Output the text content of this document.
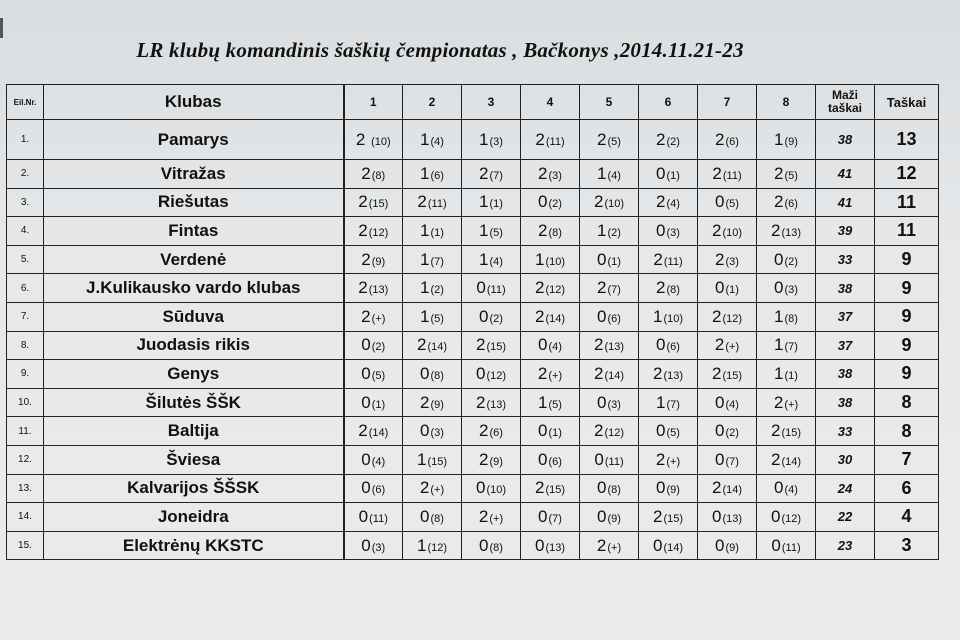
LR klubų komandinis šaškių čempionatas , Bačkonys ,2014.11.21-23
Eil.Nr.	Klubas	1	2	3	4	5	6	7	8	Maži taškai	Taškai
1.	Pamarys	2 (10)	1(4)	1(3)	2(11)	2(5)	2(2)	2(6)	1(9)	38	13
2.	Vitražas	2(8)	1(6)	2(7)	2(3)	1(4)	0(1)	2(11)	2(5)	41	12
3.	Riešutas	2(15)	2(11)	1(1)	0(2)	2(10)	2(4)	0(5)	2(6)	41	11
4.	Fintas	2(12)	1(1)	1(5)	2(8)	1(2)	0(3)	2(10)	2(13)	39	11
5.	Verdenė	2(9)	1(7)	1(4)	1(10)	0(1)	2(11)	2(3)	0(2)	33	9
6.	J.Kulikausko vardo klubas	2(13)	1(2)	0(11)	2(12)	2(7)	2(8)	0(1)	0(3)	38	9
7.	Sūduva	2(+)	1(5)	0(2)	2(14)	0(6)	1(10)	2(12)	1(8)	37	9
8.	Juodasis rikis	0(2)	2(14)	2(15)	0(4)	2(13)	0(6)	2(+)	1(7)	37	9
9.	Genys	0(5)	0(8)	0(12)	2(+)	2(14)	2(13)	2(15)	1(1)	38	9
10.	Šilutės ŠŠK	0(1)	2(9)	2(13)	1(5)	0(3)	1(7)	0(4)	2(+)	38	8
11.	Baltija	2(14)	0(3)	2(6)	0(1)	2(12)	0(5)	0(2)	2(15)	33	8
12.	Šviesa	0(4)	1(15)	2(9)	0(6)	0(11)	2(+)	0(7)	2(14)	30	7
13.	Kalvarijos ŠŠSK	0(6)	2(+)	0(10)	2(15)	0(8)	0(9)	2(14)	0(4)	24	6
14.	Joneidra	0(11)	0(8)	2(+)	0(7)	0(9)	2(15)	0(13)	0(12)	22	4
15.	Elektrėnų KKSTC	0(3)	1(12)	0(8)	0(13)	2(+)	0(14)	0(9)	0(11)	23	3
